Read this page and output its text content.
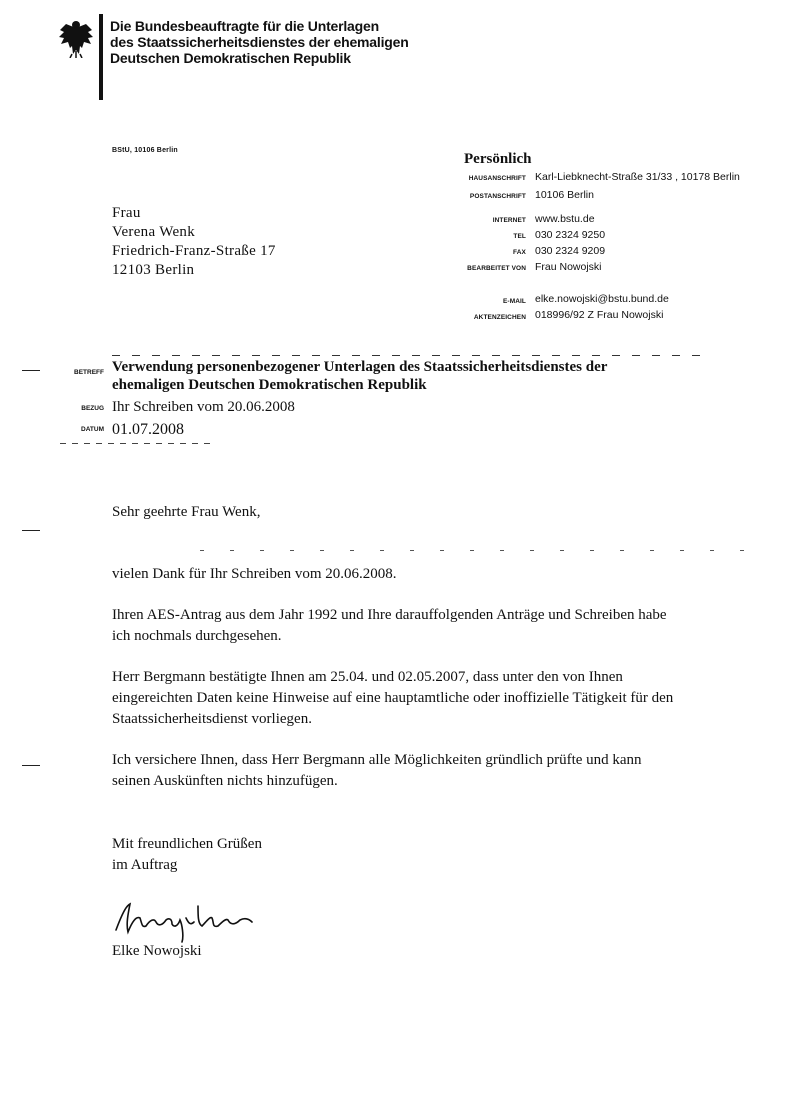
Die Bundesbeauftragte für die Unterlagen
des Staatssicherheitsdienstes der ehemaligen
Deutschen Demokratischen Republik
BStU, 10106 Berlin
Frau
Verena Wenk
Friedrich-Franz-Straße 17
12103 Berlin
Persönlich
HAUSANSCHRIFT Karl-Liebknecht-Straße 31/33 , 10178 Berlin
POSTANSCHRIFT 10106 Berlin
INTERNET www.bstu.de
TEL 030 2324 9250
FAX 030 2324 9209
BEARBEITET VON Frau Nowojski
E-MAIL elke.nowojski@bstu.bund.de
AKTENZEICHEN 018996/92 Z Frau Nowojski
BETREFF Verwendung personenbezogener Unterlagen des Staatssicherheitsdienstes der
ehemaligen Deutschen Demokratischen Republik
BEZUG Ihr Schreiben vom 20.06.2008
DATUM 01.07.2008
Sehr geehrte Frau Wenk,
vielen Dank für Ihr Schreiben vom 20.06.2008.
Ihren AES-Antrag aus dem Jahr 1992 und Ihre darauffolgenden Anträge und Schreiben habe
ich nochmals durchgesehen.
Herr Bergmann bestätigte Ihnen am 25.04. und 02.05.2007, dass unter den von Ihnen
eingereichten Daten keine Hinweise auf eine hauptamtliche oder inoffizielle Tätigkeit für den
Staatssicherheitsdienst vorliegen.
Ich versichere Ihnen, dass Herr Bergmann alle Möglichkeiten gründlich prüfte und kann
seinen Auskünften nichts hinzufügen.
Mit freundlichen Grüßen
im Auftrag
Elke Nowojski
